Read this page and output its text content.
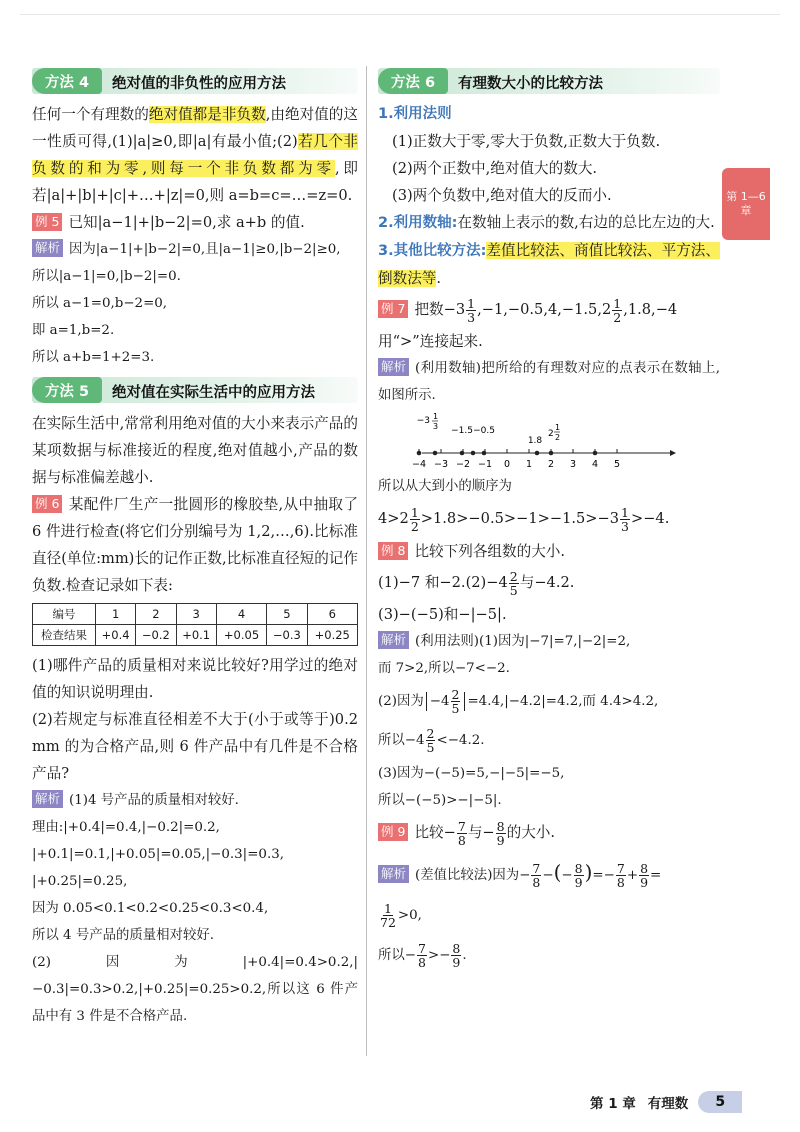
方法 4	绝对值的非负性的应用方法

任何一个有理数的绝对值都是非负数,由绝对值的这一性质可得,(1)|a|≥0,即|a|有最小值;(2)若几个非负数的和为零,则每一个非负数都为零,即若|a|+|b|+|c|+…+|z|=0,则 a=b=c=…=z=0.

例 5 已知|a−1|+|b−2|=0,求 a+b 的值.

解析 因为|a−1|+|b−2|=0,且|a−1|≥0,|b−2|≥0,

所以|a−1|=0,|b−2|=0.

所以 a−1=0,b−2=0,

即 a=1,b=2.

所以 a+b=1+2=3.

方法 5	绝对值在实际生活中的应用方法

在实际生活中,常常利用绝对值的大小来表示产品的某项数据与标准接近的程度,绝对值越小,产品的数据与标准偏差越小.

例 6 某配件厂生产一批圆形的橡胶垫,从中抽取了 6 件进行检查(将它们分别编号为 1,2,…,6).比标准直径(单位:mm)长的记作正数,比标准直径短的记作负数.检查记录如下表:

编号	1	2	3	4	5	6
检查结果	+0.4	−0.2	+0.1	+0.05	−0.3	+0.25

(1)哪件产品的质量相对来说比较好?用学过的绝对值的知识说明理由.

(2)若规定与标准直径相差不大于(小于或等于)0.2 mm 的为合格产品,则 6 件产品中有几件是不合格产品?

解析 (1)4 号产品的质量相对较好.

理由:|+0.4|=0.4,|−0.2|=0.2,

|+0.1|=0.1,|+0.05|=0.05,|−0.3|=0.3,

|+0.25|=0.25,

因为 0.05<0.1<0.2<0.25<0.3<0.4,

所以 4 号产品的质量相对较好.

(2)因为|+0.4|=0.4>0.2,|−0.3|=0.3>0.2,|+0.25|=0.25>0.2,所以这 6 件产品中有 3 件是不合格产品.

方法 6	有理数大小的比较方法

1.利用法则

(1)正数大于零,零大于负数,正数大于负数.

(2)两个正数中,绝对值大的数大.

(3)两个负数中,绝对值大的反而小.

2.利用数轴:在数轴上表示的数,右边的总比左边的大.

3.其他比较方法:差值比较法、商值比较法、平方法、倒数法等.

例 7 把数$-3 \frac{1}{3} ,-1,-0.5,4,-1.5,2 \frac{1}{2} ,1.8,-4$

用“>”连接起来.

解析 (利用数轴)把所给的有理数对应的点表示在数轴上,如图所示.

−4 −3 −2 −1 0 1 2 3 4 5
−3 1
3 −1.5 −0.5
1.8
2
1
2

所以从大到小的顺序为

$4>2 \frac{1}{2} >1.8>-0.5>-1>-1.5>-3 \frac{1}{3} >-4$.

例 8 比较下列各组数的大小.

(1)−7 和$-2.(2)-4 \frac{2}{5}$ 与−4.2.

(3)−(−5)和−|−5|.

解析 (利用法则)(1)因为|−7|=7,|−2|=2,

而 7>2,所以−7<−2.

(2)因为 $-4 \frac{2}{5} =4.4,|-4.2|=4.2$,而 4.4>4.2,

所以$-4 \frac{2}{5} <-4.2$.

(3)因为−(−5)=5,−|−5|=−5,

所以−(−5)>−|−5|.

例 9 比较− $\frac{7}{8}$ 与− $\frac{8}{9}$ 的大小.

解析 (差值比较法)因为− $\frac{7}{8}$ −(− $\frac{8}{9}$ )=− $\frac{7}{8} + \frac{8}{9}$ =

$\frac{1}{72} >0$,

所以− $\frac{7}{8} >- \frac{8}{9}$ .

第 1—6 章
第 1 章 有理数	5
